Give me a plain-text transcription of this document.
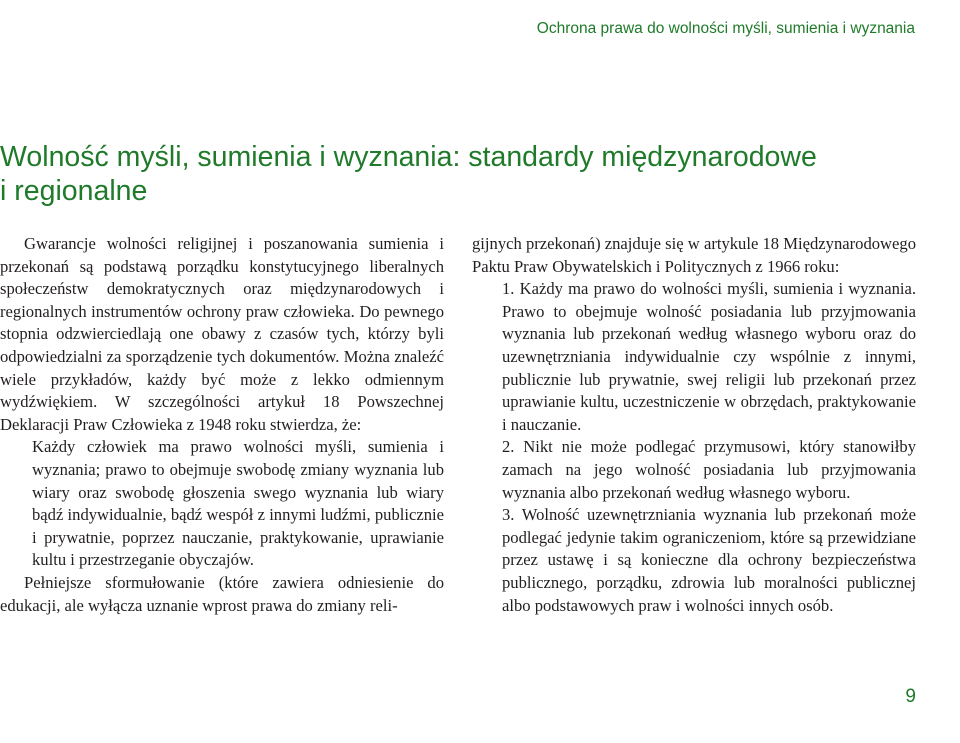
Ochrona prawa do wolności myśli, sumienia i wyznania
Wolność myśli, sumienia i wyznania: standardy międzynarodowe
i regionalne

Gwarancje wolności religijnej i poszanowania sumienia i przekonań są podstawą porządku konstytucyjnego liberalnych społeczeństw demokratycznych oraz międzynarodowych i regionalnych instrumentów ochrony praw człowieka. Do pewnego stopnia odzwierciedlają one obawy z czasów tych, którzy byli odpowiedzialni za sporządzenie tych dokumentów. Można znaleźć wiele przykładów, każdy być może z lekko odmiennym wydźwiękiem. W szczególności artykuł 18 Powszechnej Deklaracji Praw Człowieka z 1948 roku stwierdza, że:

Każdy człowiek ma prawo wolności myśli, sumienia i wyznania; prawo to obejmuje swobodę zmiany wyznania lub wiary oraz swobodę głoszenia swego wyznania lub wiary bądź indywidualnie, bądź wespół z innymi ludźmi, publicznie i prywatnie, poprzez nauczanie, praktykowanie, uprawianie kultu i przestrzeganie obyczajów.

Pełniejsze sformułowanie (które zawiera odniesienie do edukacji, ale wyłącza uznanie wprost prawa do zmiany reli-

gijnych przekonań) znajduje się w artykule 18 Międzynarodowego Paktu Praw Obywatelskich i Politycznych z 1966 roku:

1. Każdy ma prawo do wolności myśli, sumienia i wyznania. Prawo to obejmuje wolność posiadania lub przyjmowania wyznania lub przekonań według własnego wyboru oraz do uzewnętrzniania indywidualnie czy wspólnie z innymi, publicznie lub prywatnie, swej religii lub przekonań przez uprawianie kultu, uczestniczenie w obrzędach, praktykowanie i nauczanie.

2. Nikt nie może podlegać przymusowi, który stanowiłby zamach na jego wolność posiadania lub przyjmowania wyznania albo przekonań według własnego wyboru.

3. Wolność uzewnętrzniania wyznania lub przekonań może podlegać jedynie takim ograniczeniom, które są przewidziane przez ustawę i są konieczne dla ochrony bezpieczeństwa publicznego, porządku, zdrowia lub moralności publicznej albo podstawowych praw i wolności innych osób.

9
